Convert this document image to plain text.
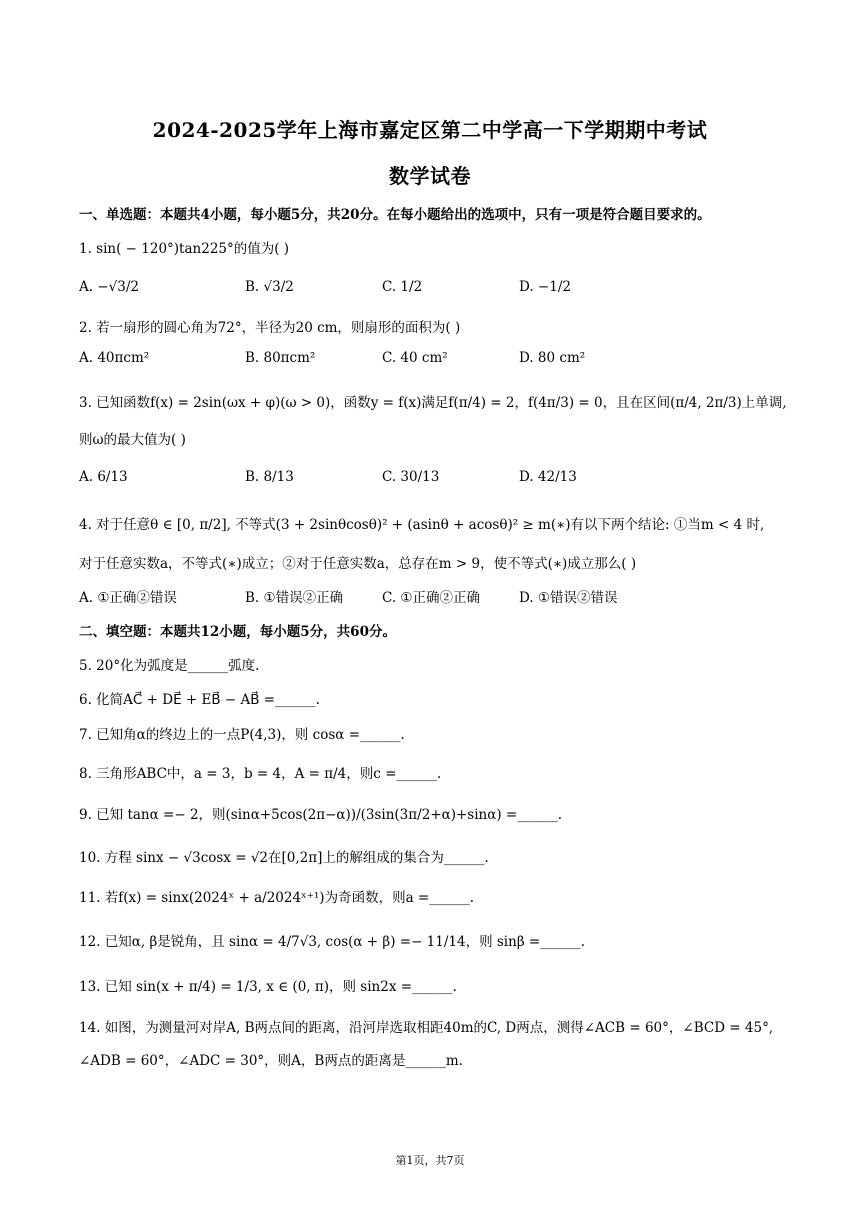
2024-2025学年上海市嘉定区第二中学高一下学期期中考试
数学试卷
一、单选题：本题共4小题，每小题5分，共20分。在每小题给出的选项中，只有一项是符合题目要求的。
1. sin( − 120°)tan225°的值为( )
A. −√3/2	B. √3/2	C. 1/2	D. −1/2
2. 若一扇形的圆心角为72°，半径为20 cm，则扇形的面积为( )
A. 40πcm²	B. 80πcm²	C. 40 cm²	D. 80 cm²
3. 已知函数f(x) = 2sin(ωx + φ)(ω > 0)，函数y = f(x)满足f(π/4) = 2，f(4π/3) = 0，且在区间(π/4, 2π/3)上单调,
则ω的最大值为( )
A. 6/13	B. 8/13	C. 30/13	D. 42/13
4. 对于任意θ ∈ [0, π/2], 不等式(3 + 2sinθcosθ)² + (asinθ + acosθ)² ≥ m(∗)有以下两个结论: ①当m < 4 时,
对于任意实数a，不等式(∗)成立；②对于任意实数a，总存在m > 9，使不等式(∗)成立那么( )
A. ①正确②错误	B. ①错误②正确	C. ①正确②正确	D. ①错误②错误
二、填空题：本题共12小题，每小题5分，共60分。
5. 20°化为弧度是______弧度.
6. 化简AC⃗ + DE⃗ + EB⃗ − AB⃗ =______.
7. 已知角α的终边上的一点P(4,3)，则 cosα =______.
8. 三角形ABC中，a = 3，b = 4，A = π/4，则c =______.
9. 已知 tanα =− 2，则(sinα+5cos(2π−α))/(3sin(3π/2+α)+sinα) =______.
10. 方程 sinx − √3cosx = √2在[0,2π]上的解组成的集合为______.
11. 若f(x) = sinx(2024ˣ + a/2024ˣ⁺¹)为奇函数，则a =______.
12. 已知α, β是锐角，且 sinα = 4/7√3, cos(α + β) =− 11/14，则 sinβ =______.
13. 已知 sin(x + π/4) = 1/3, x ∈ (0, π)，则 sin2x =______.
14. 如图，为测量河对岸A, B两点间的距离，沿河岸选取相距40m的C, D两点，测得∠ACB = 60°，∠BCD = 45°,
∠ADB = 60°，∠ADC = 30°，则A，B两点的距离是______m.
第1页，共7页
